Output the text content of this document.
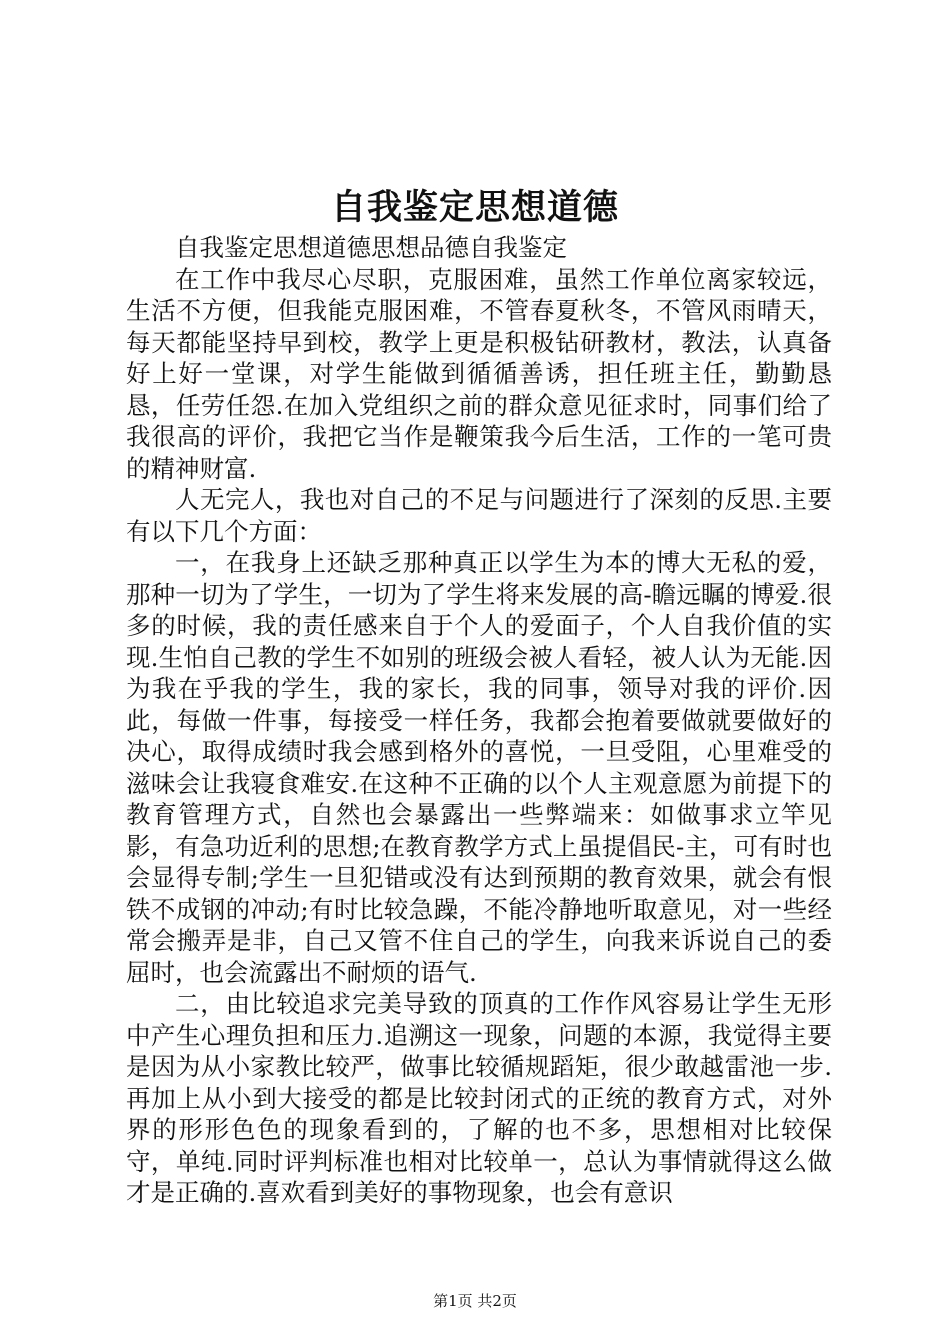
自我鉴定思想道德

自我鉴定思想道德思想品德自我鉴定

在工作中我尽心尽职，克服困难，虽然工作单位离家较远，生活不方便，但我能克服困难，不管春夏秋冬，不管风雨晴天，每天都能坚持早到校，教学上更是积极钻研教材，教法，认真备好上好一堂课，对学生能做到循循善诱，担任班主任，勤勤恳恳，任劳任怨.在加入党组织之前的群众意见征求时，同事们给了我很高的评价，我把它当作是鞭策我今后生活，工作的一笔可贵的精神财富.

人无完人，我也对自己的不足与问题进行了深刻的反思.主要有以下几个方面：

一，在我身上还缺乏那种真正以学生为本的博大无私的爱，那种一切为了学生，一切为了学生将来发展的高-瞻远瞩的博爱.很多的时候，我的责任感来自于个人的爱面子，个人自我价值的实现.生怕自己教的学生不如别的班级会被人看轻，被人认为无能.因为我在乎我的学生，我的家长，我的同事，领导对我的评价.因此，每做一件事，每接受一样任务，我都会抱着要做就要做好的决心，取得成绩时我会感到格外的喜悦，一旦受阻，心里难受的滋味会让我寝食难安.在这种不正确的以个人主观意愿为前提下的教育管理方式，自然也会暴露出一些弊端来：如做事求立竿见影，有急功近利的思想;在教育教学方式上虽提倡民-主，可有时也会显得专制;学生一旦犯错或没有达到预期的教育效果，就会有恨铁不成钢的冲动;有时比较急躁，不能冷静地听取意见，对一些经常会搬弄是非，自己又管不住自己的学生，向我来诉说自己的委屈时，也会流露出不耐烦的语气.

二，由比较追求完美导致的顶真的工作作风容易让学生无形中产生心理负担和压力.追溯这一现象，问题的本源，我觉得主要是因为从小家教比较严，做事比较循规蹈矩，很少敢越雷池一步.再加上从小到大接受的都是比较封闭式的正统的教育方式，对外界的形形色色的现象看到的，了解的也不多，思想相对比较保守，单纯.同时评判标准也相对比较单一，总认为事情就得这么做才是正确的.喜欢看到美好的事物现象，也会有意识

第1页 共2页
